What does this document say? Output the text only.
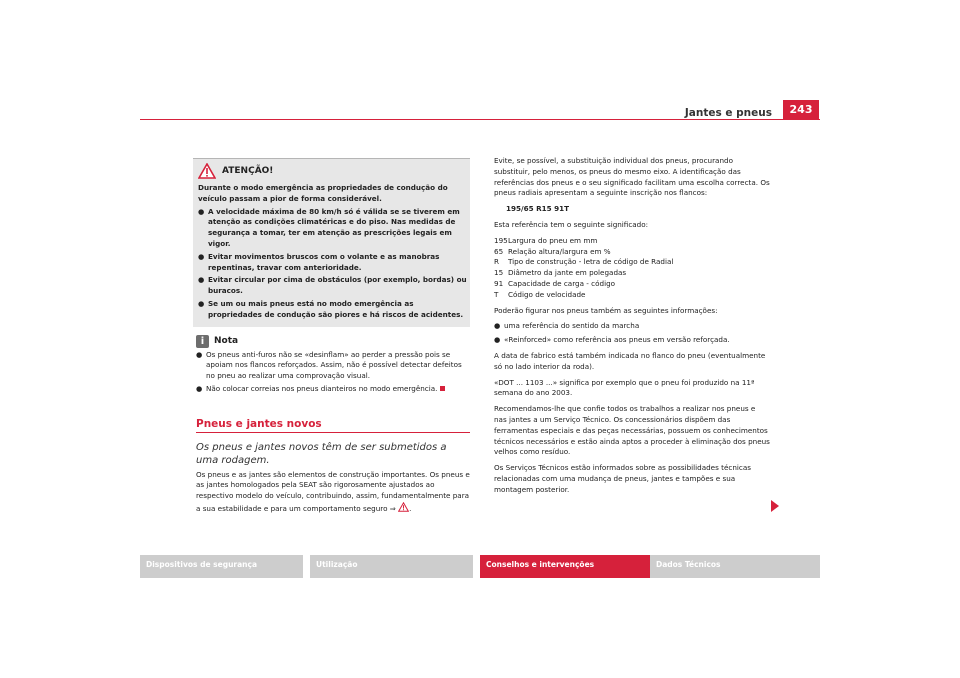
Jantes e pneus	243
ATENÇÃO!

Durante o modo emergência as propriedades de condução do veículo passam a pior de forma considerável.

● A velocidade máxima de 80 km/h só é válida se se tiverem em atenção as condições climatéricas e do piso. Nas medidas de segurança a tomar, ter em atenção as prescrições legais em vigor.

● Evitar movimentos bruscos com o volante e as manobras repentinas, travar com anterioridade.

● Evitar circular por cima de obstáculos (por exemplo, bordas) ou buracos.

● Se um ou mais pneus está no modo emergência as propriedades de condução são piores e há riscos de acidentes.

i	Nota
● Os pneus anti-furos não se «desinflam» ao perder a pressão pois se apoiam nos flancos reforçados. Assim, não é possível detectar defeitos no pneu ao realizar uma comprovação visual.

● Não colocar correias nos pneus dianteiros no modo emergência.

Pneus e jantes novos
Os pneus e jantes novos têm de ser submetidos a uma rodagem.

Os pneus e as jantes são elementos de construção importantes. Os pneus e as jantes homologados pela SEAT são rigorosamente ajustados ao respectivo modelo do veículo, contribuindo, assim, fundamentalmente para a sua estabilidade e para um comportamento seguro ⇒ .

Evite, se possível, a substituição individual dos pneus, procurando substituir, pelo menos, os pneus do mesmo eixo. A identificação das referências dos pneus e o seu significado facilitam uma escolha correcta. Os pneus radiais apresentam a seguinte inscrição nos flancos:

195/65 R15 91T

Esta referência tem o seguinte significado:

195 Largura do pneu em mm
65 Relação altura/largura em %
R	Tipo de construção - letra de código de Radial
15 Diâmetro da jante em polegadas
91 Capacidade de carga - código
T	Código de velocidade

Poderão figurar nos pneus também as seguintes informações:

● uma referência do sentido da marcha

● «Reinforced» como referência aos pneus em versão reforçada.

A data de fabrico está também indicada no flanco do pneu (eventualmente só no lado interior da roda).

«DOT ... 1103 ...» significa por exemplo que o pneu foi produzido na 11ª semana do ano 2003.

Recomendamos-lhe que confie todos os trabalhos a realizar nos pneus e nas jantes a um Serviço Técnico. Os concessionários dispõem das ferramentas especiais e das peças necessárias, possuem os conhecimentos técnicos necessários e estão ainda aptos a proceder à eliminação dos pneus velhos como resíduo.

Os Serviços Técnicos estão informados sobre as possibilidades técnicas relacionadas com uma mudança de pneus, jantes e tampões e sua montagem posterior.

Dispositivos de segurança	Utilização	Conselhos e intervenções	Dados Técnicos
